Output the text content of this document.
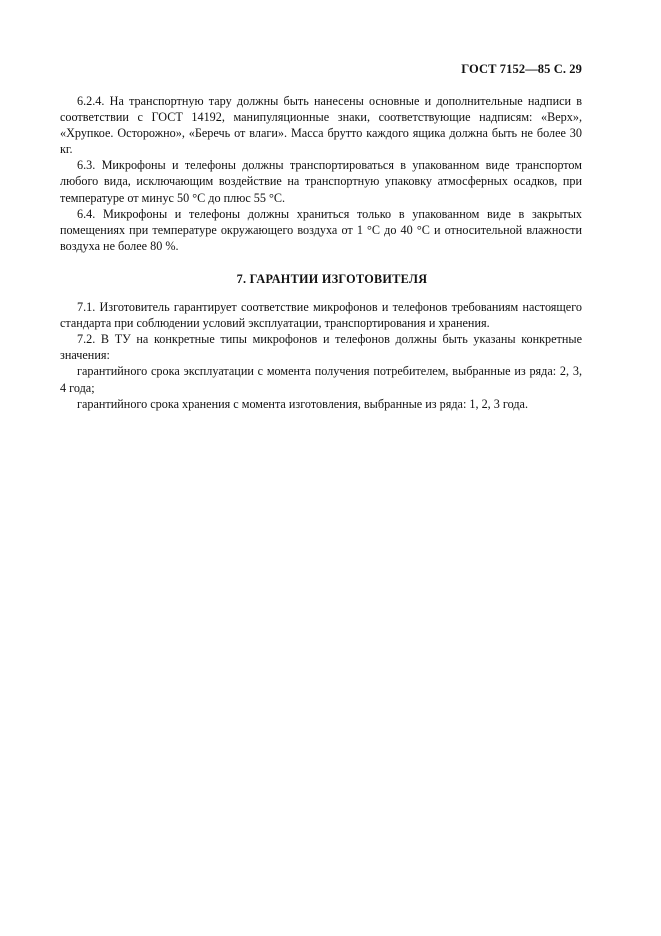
ГОСТ 7152—85 С. 29

6.2.4. На транспортную тару должны быть нанесены основные и дополнительные надписи в соответствии с ГОСТ 14192, манипуляционные знаки, соответствующие надписям: «Верх», «Хрупкое. Осторожно», «Беречь от влаги». Масса брутто каждого ящика должна быть не более 30 кг.

6.3. Микрофоны и телефоны должны транспортироваться в упакованном виде транспортом любого вида, исключающим воздействие на транспортную упаковку атмосферных осадков, при температуре от минус 50 °С до плюс 55 °С.

6.4. Микрофоны и телефоны должны храниться только в упакованном виде в закрытых помещениях при температуре окружающего воздуха от 1 °С до 40 °С и относительной влажности воздуха не более 80 %.

7. ГАРАНТИИ ИЗГОТОВИТЕЛЯ

7.1. Изготовитель гарантирует соответствие микрофонов и телефонов требованиям настоящего стандарта при соблюдении условий эксплуатации, транспортирования и хранения.

7.2. В ТУ на конкретные типы микрофонов и телефонов должны быть указаны конкретные значения:

гарантийного срока эксплуатации с момента получения потребителем, выбранные из ряда: 2, 3, 4 года;

гарантийного срока хранения с момента изготовления, выбранные из ряда: 1, 2, 3 года.
